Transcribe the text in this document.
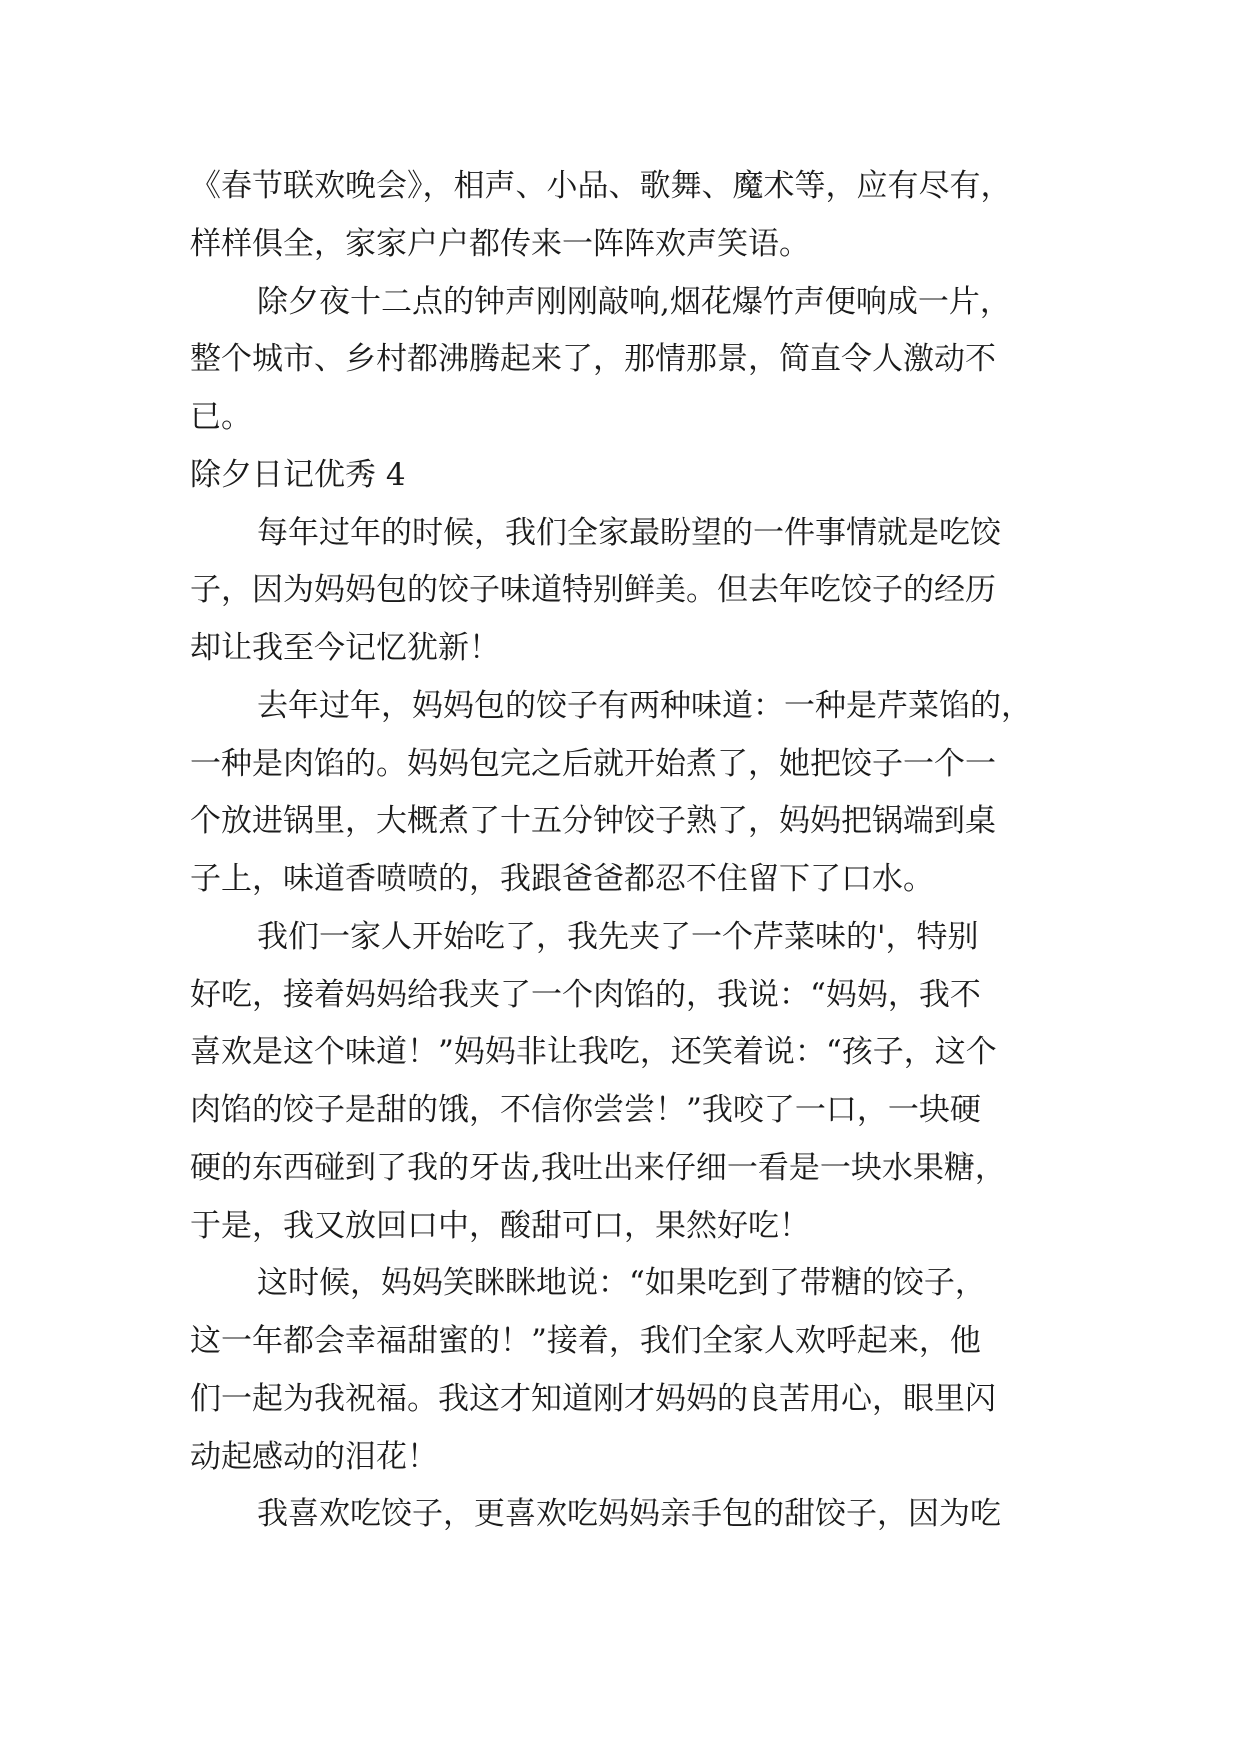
《春节联欢晚会》，相声、小品、歌舞、魔术等，应有尽有，

样样俱全，家家户户都传来一阵阵欢声笑语。

除夕夜十二点的钟声刚刚敲响,烟花爆竹声便响成一片，

整个城市、乡村都沸腾起来了，那情那景，简直令人激动不

已。

除夕日记优秀 4

每年过年的时候，我们全家最盼望的一件事情就是吃饺

子，因为妈妈包的饺子味道特别鲜美。但去年吃饺子的经历

却让我至今记忆犹新！

去年过年，妈妈包的饺子有两种味道：一种是芹菜馅的，

一种是肉馅的。妈妈包完之后就开始煮了，她把饺子一个一

个放进锅里，大概煮了十五分钟饺子熟了，妈妈把锅端到桌

子上，味道香喷喷的，我跟爸爸都忍不住留下了口水。

我们一家人开始吃了，我先夹了一个芹菜味的'，特别

好吃，接着妈妈给我夹了一个肉馅的，我说：“妈妈，我不

喜欢是这个味道！”妈妈非让我吃，还笑着说：“孩子，这个

肉馅的饺子是甜的饿，不信你尝尝！”我咬了一口，一块硬

硬的东西碰到了我的牙齿,我吐出来仔细一看是一块水果糖，

于是，我又放回口中，酸甜可口，果然好吃！

这时候，妈妈笑眯眯地说：“如果吃到了带糖的饺子，

这一年都会幸福甜蜜的！”接着，我们全家人欢呼起来，他

们一起为我祝福。我这才知道刚才妈妈的良苦用心，眼里闪

动起感动的泪花！

我喜欢吃饺子，更喜欢吃妈妈亲手包的甜饺子，因为吃
